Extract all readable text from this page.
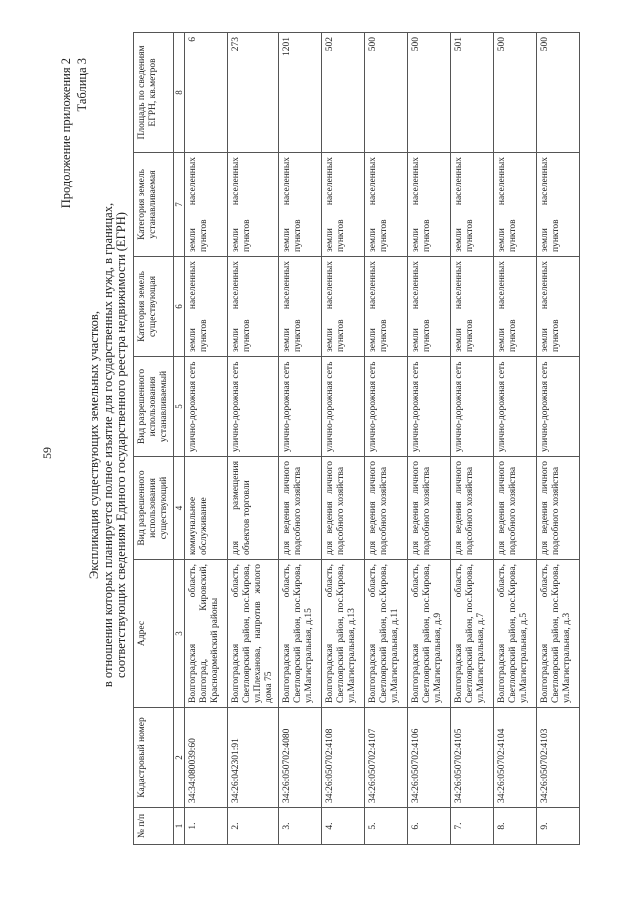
59
Продолжение приложения 2 Таблица 3
Экспликация существующих земельных участков, в отношении которых планируется полное изъятие для государственных нужд, в границах, соответствующих сведениям Единого государственного реестра недвижимости (ЕГРН)
№ п/п	Кадастровый номер	Адрес	Вид разрешенного использования существующий	Вид разрешенного использования устанавливаемый	Категория земель существующая	Категория земель устанавливаемая	Площадь по сведениям ЕГРН, кв.метров
1	2	3	4	5	6	7	8
1.	34:34:080039:60	Волгоградская область, Волгоград, Кировский, Красноармейский районы	коммунальное обслуживание	улично-дорожная сеть	земли населенных пунктов	земли населенных пунктов	6
2.	34:26:042301:91	Волгоградская область, Светлоярский район, пос.Кирова, ул.Плеханова, напротив жилого дома 75	для размещения объектов торговли	улично-дорожная сеть	земли населенных пунктов	земли населенных пунктов	273
3.	34:26:050702:4080	Волгоградская область, Светлоярский район, пос.Кирова, ул.Магистральная, д.15	для ведения личного подсобного хозяйства	улично-дорожная сеть	земли населенных пунктов	земли населенных пунктов	1201
4.	34:26:050702:4108	Волгоградская область, Светлоярский район, пос.Кирова, ул.Магистральная, д.13	для ведения личного подсобного хозяйства	улично-дорожная сеть	земли населенных пунктов	земли населенных пунктов	502
5.	34:26:050702:4107	Волгоградская область, Светлоярский район, пос.Кирова, ул.Магистральная, д.11	для ведения личного подсобного хозяйства	улично-дорожная сеть	земли населенных пунктов	земли населенных пунктов	500
6.	34:26:050702:4106	Волгоградская область, Светлоярский район, пос.Кирова, ул.Магистральная, д.9	для ведения личного подсобного хозяйства	улично-дорожная сеть	земли населенных пунктов	земли населенных пунктов	500
7.	34:26:050702:4105	Волгоградская область, Светлоярский район, пос.Кирова, ул.Магистральная, д.7	для ведения личного подсобного хозяйства	улично-дорожная сеть	земли населенных пунктов	земли населенных пунктов	501
8.	34:26:050702:4104	Волгоградская область, Светлоярский район, пос.Кирова, ул.Магистральная, д.5	для ведения личного подсобного хозяйства	улично-дорожная сеть	земли населенных пунктов	земли населенных пунктов	500
9.	34:26:050702:4103	Волгоградская область, Светлоярский район, пос.Кирова, ул.Магистральная, д.3	для ведения личного подсобного хозяйства	улично-дорожная сеть	земли населенных пунктов	земли населенных пунктов	500
